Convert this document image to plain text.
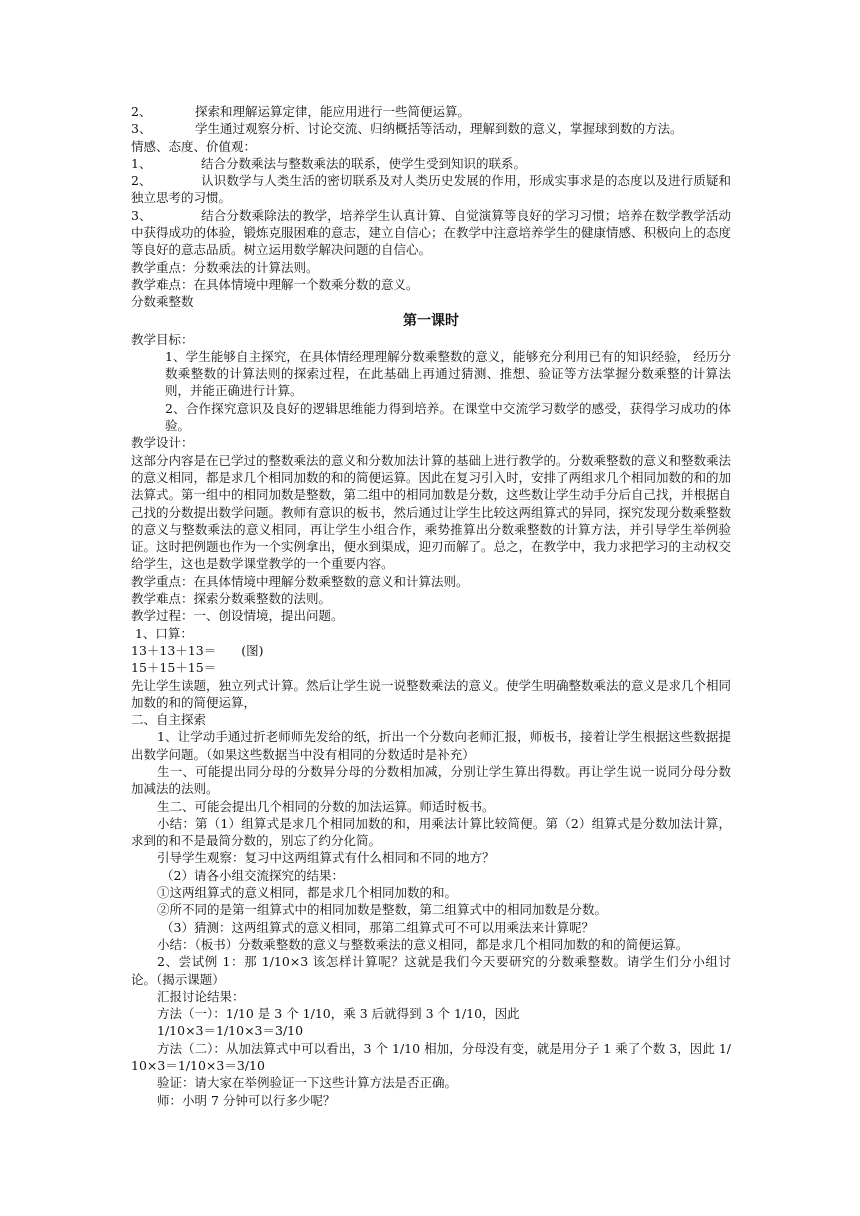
2、	探索和理解运算定律，能应用进行一些简便运算。
3、	学生通过观察分析、讨论交流、归纳概括等活动，理解到数的意义，掌握球到数的方法。
情感、态度、价值观：
1、	结合分数乘法与整数乘法的联系，使学生受到知识的联系。
2、	认识数学与人类生活的密切联系及对人类历史发展的作用，形成实事求是的态度以及进行质疑和独立思考的习惯。
3、	结合分数乘除法的教学，培养学生认真计算、自觉演算等良好的学习习惯；培养在数学教学活动中获得成功的体验，锻炼克服困难的意志，建立自信心；在教学中注意培养学生的健康情感、积极向上的态度等良好的意志品质。树立运用数学解决问题的自信心。
教学重点：分数乘法的计算法则。
教学难点：在具体情境中理解一个数乘分数的意义。
分数乘整数
第一课时
教学目标：
1、学生能够自主探究，在具体情经理理解分数乘整数的意义，能够充分利用已有的知识经验， 经历分数乘整数的计算法则的探索过程，在此基础上再通过猜测、推想、验证等方法掌握分数乘整的计算法则，并能正确进行计算。
2、合作探究意识及良好的逻辑思维能力得到培养。在课堂中交流学习数学的感受，获得学习成功的体验。
教学设计：
这部分内容是在已学过的整数乘法的意义和分数加法计算的基础上进行教学的。分数乘整数的意义和整数乘法的意义相同，都是求几个相同加数的和的简便运算。因此在复习引入时，安排了两组求几个相同加数的和的加法算式。第一组中的相同加数是整数，第二组中的相同加数是分数，这些数让学生动手分后自己找，并根据自己找的分数提出数学问题。教师有意识的板书，然后通过让学生比较这两组算式的异同，探究发现分数乘整数的意义与整数乘法的意义相同，再让学生小组合作，乘势推算出分数乘整数的计算方法，并引导学生举例验证。这时把例题也作为一个实例拿出，便水到渠成，迎刃而解了。总之，在教学中，我力求把学习的主动权交给学生，这也是数学课堂教学的一个重要内容。
教学重点：在具体情境中理解分数乘整数的意义和计算法则。
教学难点：探索分数乘整数的法则。
教学过程：一、创设情境，提出问题。
1、口算：
13＋13＋13＝ (图)
15＋15＋15＝
先让学生读题，独立列式计算。然后让学生说一说整数乘法的意义。使学生明确整数乘法的意义是求几个相同加数的和的简便运算，
二、自主探索
1、让学动手通过折老师师先发给的纸，折出一个分数向老师汇报，师板书，接着让学生根据这些数据提出数学问题。（如果这些数据当中没有相同的分数适时是补充）
生一、可能提出同分母的分数异分母的分数相加减，分别让学生算出得数。再让学生说一说同分母分数加减法的法则。
生二、可能会提出几个相同的分数的加法运算。师适时板书。
小结：第（1）组算式是求几个相同加数的和，用乘法计算比较简便。第（2）组算式是分数加法计算，求到的和不是最简分数的，别忘了约分化简。
引导学生观察：复习中这两组算式有什么相同和不同的地方？
（2）请各小组交流探究的结果：
①这两组算式的意义相同，都是求几个相同加数的和。
②所不同的是第一组算式中的相同加数是整数，第二组算式中的相同加数是分数。
（3）猜测：这两组算式的意义相同，那第二组算式可不可以用乘法来计算呢？
小结：（板书）分数乘整数的意义与整数乘法的意义相同，都是求几个相同加数的和的简便运算。
2、尝试例 1：那 1/10×3 该怎样计算呢？这就是我们今天要研究的分数乘整数。请学生们分小组讨论。（揭示课题）
汇报讨论结果：
方法（一）：1/10 是 3 个 1/10，乘 3 后就得到 3 个 1/10，因此
1/10×3＝1/10×3＝3/10
方法（二）：从加法算式中可以看出，3 个 1/10 相加，分母没有变，就是用分子 1 乘了个数 3，因此 1/10×3＝1/10×3＝3/10
验证：请大家在举例验证一下这些计算方法是否正确。
师：小明 7 分钟可以行多少呢？
